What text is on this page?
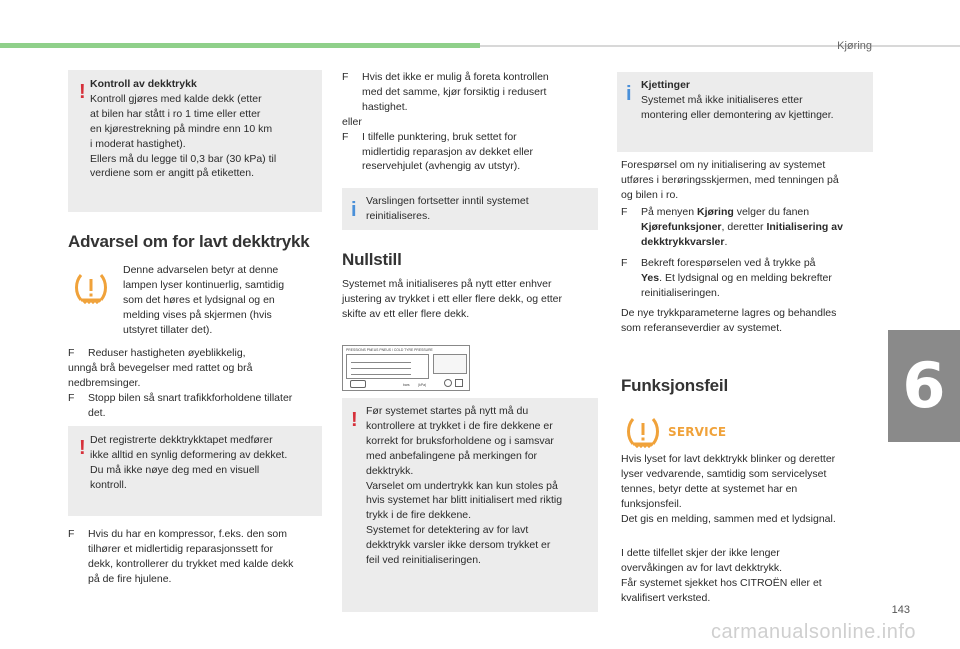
Kjøring
! Kontroll av dekktrykk
Kontroll gjøres med kalde dekk (etter
at bilen har stått i ro 1 time eller etter
en kjørestrekning på mindre enn 10 km
i moderat hastighet).
Ellers må du legge til 0,3 bar (30 kPa) til
verdiene som er angitt på etiketten.
Advarsel om for lavt dekktrykk
Denne advarselen betyr at denne
lampen lyser kontinuerlig, samtidig
som det høres et lydsignal og en
melding vises på skjermen (hvis
utstyret tillater det).
F Reduser hastigheten øyeblikkelig,
unngå brå bevegelser med rattet og brå
nedbremsinger.
F Stopp bilen så snart trafikkforholdene tillater
det.
! Det registrerte dekktrykktapet medfører
ikke alltid en synlig deformering av dekket.
Du må ikke nøye deg med en visuell
kontroll.
F Hvis du har en kompressor, f.eks. den som
tilhører et midlertidig reparasjonssett for
dekk, kontrollerer du trykket med kalde dekk
på de fire hjulene.
F Hvis det ikke er mulig å foreta kontrollen
med det samme, kjør forsiktig i redusert
hastighet.
eller
F I tilfelle punktering, bruk settet for
midlertidig reparasjon av dekket eller
reservehjulet (avhengig av utstyr).
i Varslingen fortsetter inntil systemet
reinitialiseres.
Nullstill
Systemet må initialiseres på nytt etter enhver
justering av trykket i ett eller flere dekk, og etter
skifte av ett eller flere dekk.
PRESSIONS PNEUS PNEUS / COLD TYRE PRESSURE
bars (kPa)
! Før systemet startes på nytt må du
kontrollere at trykket i de fire dekkene er
korrekt for bruksforholdene og i samsvar
med anbefalingene på merkingen for
dekktrykk.
Varselet om undertrykk kan kun stoles på
hvis systemet har blitt initialisert med riktig
trykk i de fire dekkene.
Systemet for detektering av for lavt
dekktrykk varsler ikke dersom trykket er
feil ved reinitialiseringen.
i Kjettinger
Systemet må ikke initialiseres etter
montering eller demontering av kjettinger.
Forespørsel om ny initialisering av systemet
utføres i berøringsskjermen, med tenningen på
og bilen i ro.
F På menyen Kjøring velger du fanen
Kjørefunksjoner, deretter Initialisering av
dekktrykkvarsler.
F Bekreft forespørselen ved å trykke på
Yes. Et lydsignal og en melding bekrefter
reinitialiseringen.
De nye trykkparameterne lagres og behandles
som referanseverdier av systemet.
Funksjonsfeil
SERVICE
Hvis lyset for lavt dekktrykk blinker og deretter
lyser vedvarende, samtidig som servicelyset
tennes, betyr dette at systemet har en
funksjonsfeil.
Det gis en melding, sammen med et lydsignal.
I dette tilfellet skjer der ikke lenger
overvåkingen av for lavt dekktrykk.
Får systemet sjekket hos CITROËN eller et
kvalifisert verksted.
6
143
carmanualsonline.info
